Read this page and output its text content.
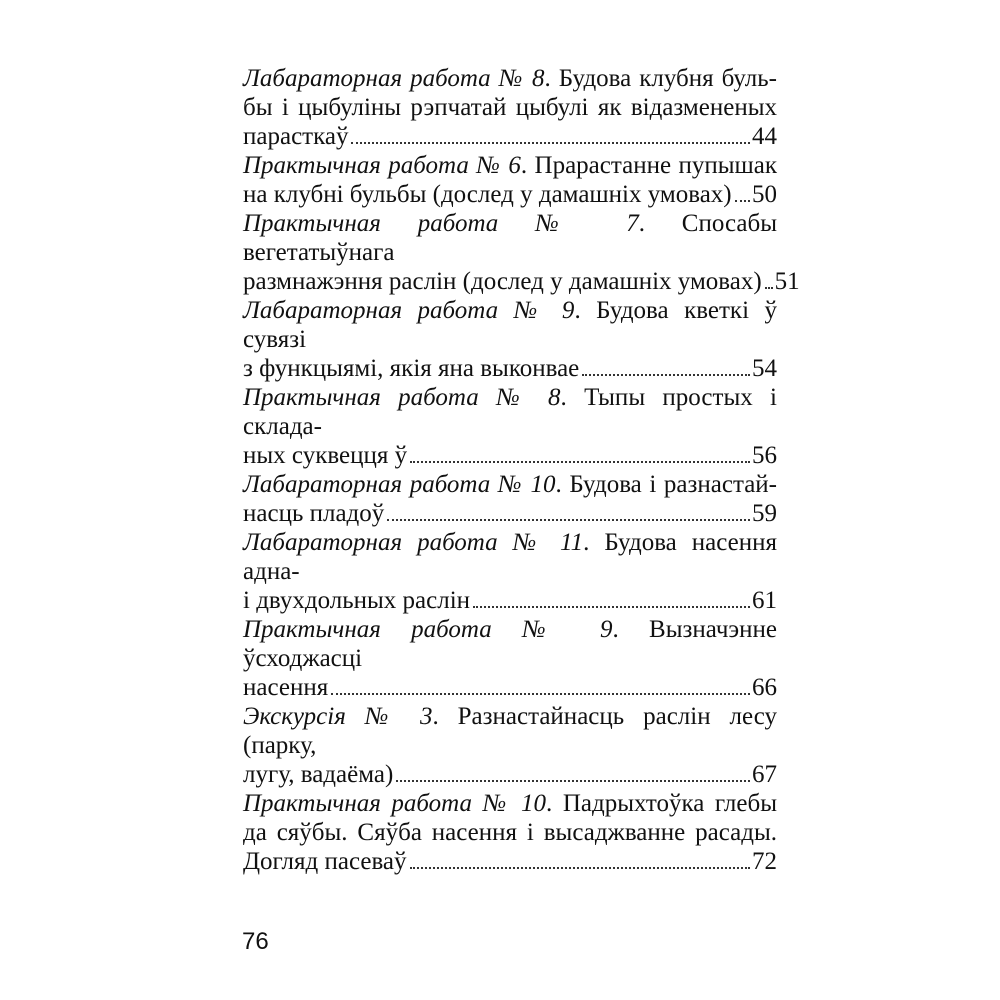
Лабараторная работа № 8. Будова клубня буль-
бы і цыбуліны рэпчатай цыбулі як відазмененых
парасткаў	44
Практычная работа № 6. Прарастанне пупышак
на клубні бульбы (дослед у дамашніх умовах) 50
Практычная работа № 7. Спосабы вегетатыўнага
размнажэння раслін (дослед у дамашніх умовах) 51
Лабараторная работа № 9. Будова кветкі ў сувязі
з функцыямі, якія яна выконвае	54
Практычная работа № 8. Тыпы простых і складa-
ных суквецця ў	56
Лабараторная работа № 10. Будова і разнастай-
насць пладоў	59
Лабараторная работа № 11. Будова насення адна-
і двухдольных раслін	61
Практычная работа № 9. Вызначэнне ўсходжасці
насення	66
Экскурсія № 3. Разнастайнасць раслін лесу (парку,
лугу, вадаёма)	67
Практычная работа № 10. Падрыхтоўка глебы
да сяўбы. Сяўба насення і высаджванне расады.
Догляд пасеваў	72
76
